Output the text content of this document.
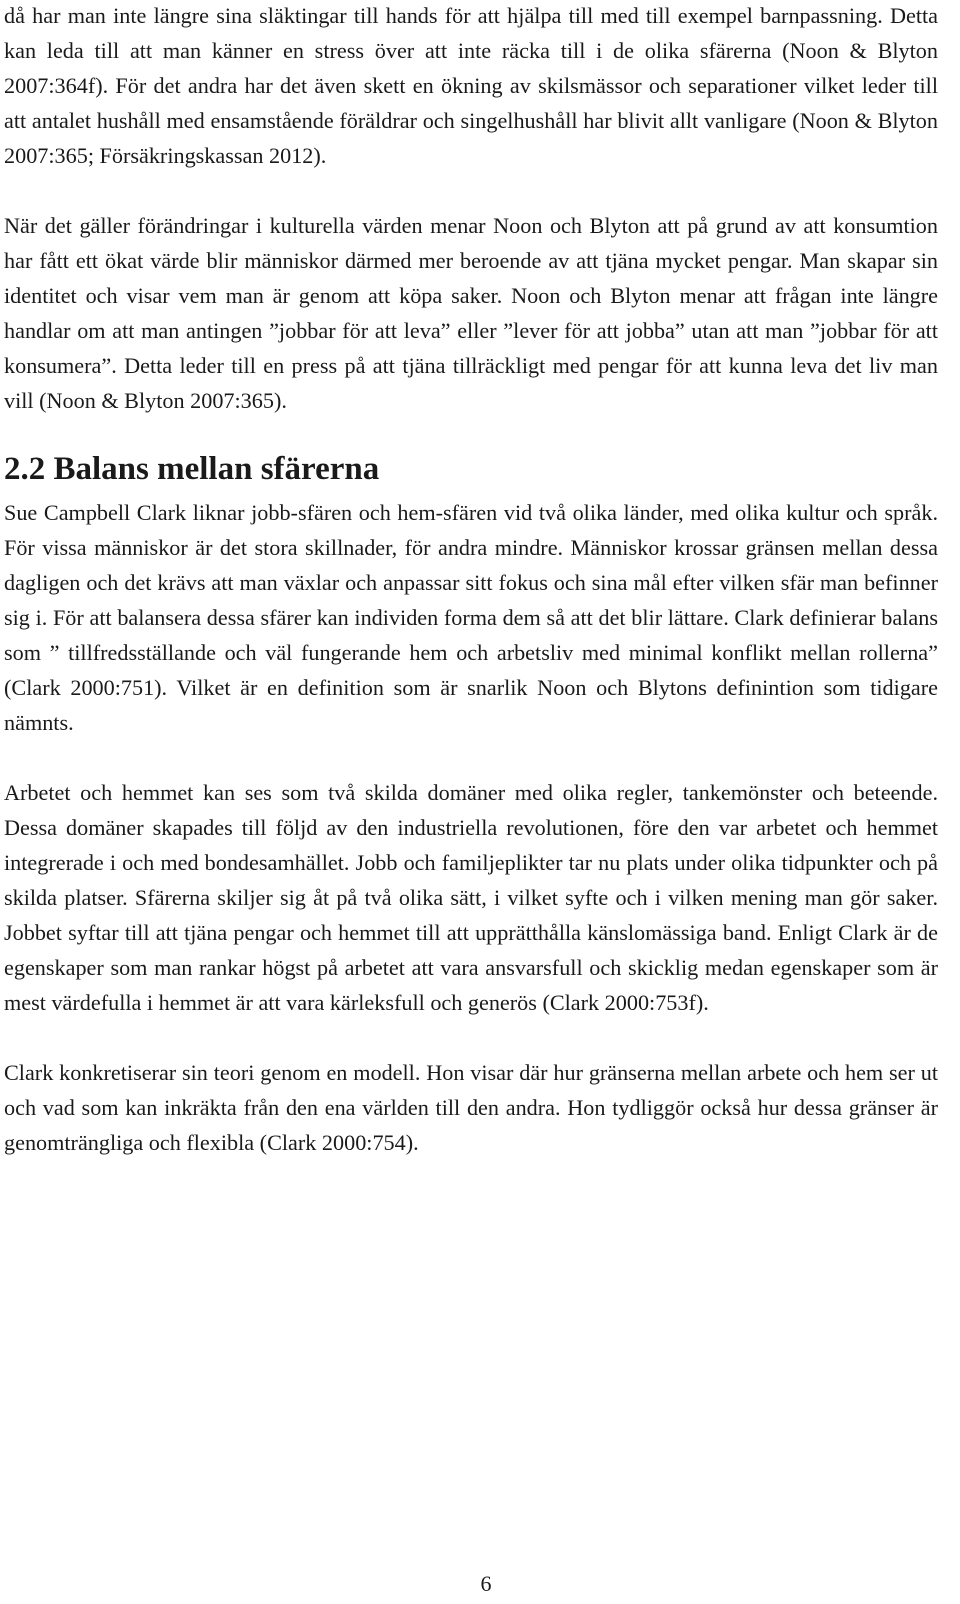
då har man inte längre sina släktingar till hands för att hjälpa till med till exempel barnpassning. Detta kan leda till att man känner en stress över att inte räcka till i de olika sfärerna (Noon & Blyton 2007:364f). För det andra har det även skett en ökning av skilsmässor och separationer vilket leder till att antalet hushåll med ensamstående föräldrar och singelhushåll har blivit allt vanligare (Noon & Blyton 2007:365; Försäkringskassan 2012).

När det gäller förändringar i kulturella värden menar Noon och Blyton att på grund av att konsumtion har fått ett ökat värde blir människor därmed mer beroende av att tjäna mycket pengar. Man skapar sin identitet och visar vem man är genom att köpa saker. Noon och Blyton menar att frågan inte längre handlar om att man antingen ”jobbar för att leva” eller ”lever för att jobba” utan att man ”jobbar för att konsumera”. Detta leder till en press på att tjäna tillräckligt med pengar för att kunna leva det liv man vill (Noon & Blyton 2007:365).

2.2 Balans mellan sfärerna

Sue Campbell Clark liknar jobb-sfären och hem-sfären vid två olika länder, med olika kultur och språk. För vissa människor är det stora skillnader, för andra mindre. Människor krossar gränsen mellan dessa dagligen och det krävs att man växlar och anpassar sitt fokus och sina mål efter vilken sfär man befinner sig i. För att balansera dessa sfärer kan individen forma dem så att det blir lättare. Clark definierar balans som ” tillfredsställande och väl fungerande hem och arbetsliv med minimal konflikt mellan rollerna” (Clark 2000:751). Vilket är en definition som är snarlik Noon och Blytons definintion som tidigare nämnts.

Arbetet och hemmet kan ses som två skilda domäner med olika regler, tankemönster och beteende. Dessa domäner skapades till följd av den industriella revolutionen, före den var arbetet och hemmet integrerade i och med bondesamhället. Jobb och familjeplikter tar nu plats under olika tidpunkter och på skilda platser. Sfärerna skiljer sig åt på två olika sätt, i vilket syfte och i vilken mening man gör saker. Jobbet syftar till att tjäna pengar och hemmet till att upprätthålla känslomässiga band. Enligt Clark är de egenskaper som man rankar högst på arbetet att vara ansvarsfull och skicklig medan egenskaper som är mest värdefulla i hemmet är att vara kärleksfull och generös (Clark 2000:753f).

Clark konkretiserar sin teori genom en modell. Hon visar där hur gränserna mellan arbete och hem ser ut och vad som kan inkräkta från den ena världen till den andra. Hon tydliggör också hur dessa gränser är genomträngliga och flexibla (Clark 2000:754).

6
